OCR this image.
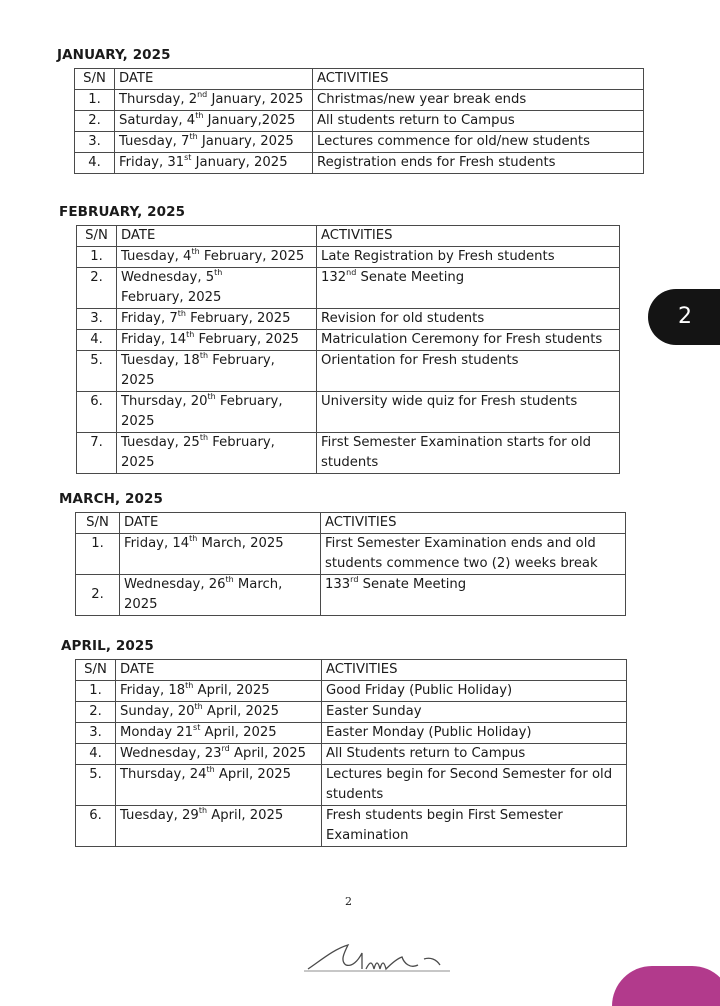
JANUARY, 2025
S/N	DATE	ACTIVITIES
1.	Thursday, 2nd January, 2025	Christmas/new year break ends
2.	Saturday, 4th January,2025	All students return to Campus
3.	Tuesday, 7th January, 2025	Lectures commence for old/new students
4.	Friday, 31st January, 2025	Registration ends for Fresh students
FEBRUARY, 2025
S/N	DATE	ACTIVITIES
1.	Tuesday, 4th February, 2025	Late Registration by Fresh students
2.	Wednesday, 5th February, 2025	132nd Senate Meeting
3.	Friday, 7th February, 2025	Revision for old students
4.	Friday, 14th February, 2025	Matriculation Ceremony for Fresh students
5.	Tuesday, 18th February, 2025	Orientation for Fresh students
6.	Thursday, 20th February, 2025	University wide quiz for Fresh students
7.	Tuesday, 25th February, 2025	First Semester Examination starts for old students
MARCH, 2025
S/N	DATE	ACTIVITIES
1.	Friday, 14th March, 2025	First Semester Examination ends and old students commence two (2) weeks break
2.	Wednesday, 26th March, 2025	133rd Senate Meeting
APRIL, 2025
S/N	DATE	ACTIVITIES
1.	Friday, 18th April, 2025	Good Friday (Public Holiday)
2.	Sunday, 20th April, 2025	Easter Sunday
3.	Monday 21st April, 2025	Easter Monday (Public Holiday)
4.	Wednesday, 23rd April, 2025	All Students return to Campus
5.	Thursday, 24th April, 2025	Lectures begin for Second Semester for old students
6.	Tuesday, 29th April, 2025	Fresh students begin First Semester Examination
2
2
